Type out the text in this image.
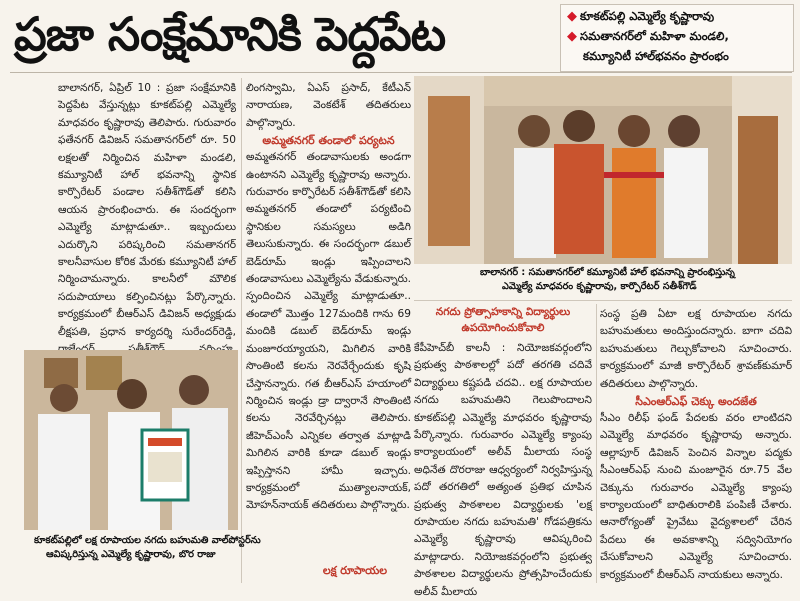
ప్రజా సంక్షేమానికి పెద్దపేట	◆ కూకట్‌పల్లి ఎమ్మెల్యే కృష్ణారావు
◆ సమతానగర్‌లో మహిళా మండలి,
కమ్యూనిటీ హాల్‌భవనం ప్రారంభం

బాలానగర్, ఏప్రిల్ 10 : ప్రజా సంక్షేమానికి పెద్దపేట వేస్తున్నట్లు కూకట్‌పల్లి ఎమ్మెల్యే మాధవరం కృష్ణారావు తెలిపారు. గురువారం ఫతేనగర్ డివిజన్ సమతానగర్‌లో రూ. 50 లక్షలతో నిర్మించిన మహిళా మండలి, కమ్యూనిటీ హాల్ భవనాన్ని స్థానిక కార్పొరేటర్ పండాల సతీశ్‌గౌడ్‌తో కలిసి ఆయన ప్రారంభించారు. ఈ సందర్భంగా ఎమ్మెల్యే మాట్లాడుతూ.. ఇబ్బందులు ఎదుర్కొని పరిష్కరించి సమతానగర్ కాలనీవాసుల కోరిక మేరకు కమ్యూనిటీ హాల్ నిర్మించామన్నారు. కాలనీలో మౌలిక సదుపాయాలు కల్పించినట్లు పేర్కొన్నారు. కార్యక్రమంలో బీఆర్‌ఎస్ డివిజన్ అధ్యక్షుడు లీక్షపతి, ప్రధాన కార్యదర్శి సురేందర్‌రెడ్డి,

లింగస్వామి, ఏఎస్ ప్రసాద్, కేటీఎన్ నారాయణ, వెంకటేశ్ తదితరులు పాల్గొన్నారు.

అమ్మతనగర్ తండాలో పర్యటన

అమ్మతనగర్ తండావాసులకు అండగా ఉంటానని ఎమ్మెల్యే కృష్ణారావు అన్నారు. గురువారం కార్పొరేటర్ సతీశ్‌గౌడ్‌తో కలిసి అమ్మతనగర్ తండాలో పర్యటించి స్థానికుల సమస్యలు అడిగి తెలుసుకున్నారు. ఈ సందర్భంగా డబుల్ బెడ్‌రూమ్ ఇండ్లు ఇప్పించాలని తండావాసులు ఎమ్మెల్యేను వేడుకున్నారు. స్పందించిన ఎమ్మెల్యే మాట్లాడుతూ.. తండాలో మొత్తం 127మందికి గాను 69 మందికి డబుల్ బెడ్‌రూమ్ ఇండ్లు మంజూరయ్యాయని, మిగిలిన వారికి సొంతింటి కలను నెరవేర్చేందుకు కృషి చేస్తానన్నారు. గత బీఆర్‌ఎస్ హయాంలో నిర్మించిన ఇండ్లు డ్రా ద్వారానే సొంతింటి కలను నెరవేర్చినట్లు తెలిపారు. జీహెచ్‌ఎంసీ ఎన్నికల తర్వాత మాట్లాడి మిగిలిన వారికి కూడా డబుల్ ఇండ్లు ఇప్పిస్తానని హామీ ఇచ్చారు. కార్యక్రమంలో ముత్యాలనాయక్, మోహన్‌నాయక్ తదితరులు పాల్గొన్నారు.

లక్ష రూపాయల
బాలానగర్ : సమతానగర్‌లో కమ్యూనిటీ హాల్ భవనాన్ని ప్రారంభిస్తున్న
ఎమ్మెల్యే మాధవరం కృష్ణారావు, కార్పొరేటర్ సతీశ్‌గౌడ్
నగదు ప్రోత్సాహకాన్ని విద్యార్థులు ఉపయోగించుకోవాలి

కేపీహెచ్‌బీ కాలనీ : నియోజకవర్గంలోని ప్రభుత్వ పాఠశాలల్లో పదో తరగతి చదివే విద్యార్థులు కష్టపడి చదవి.. లక్ష రూపాయల నగదు బహుమతిని గెలుపొందాలని కూకట్‌పల్లి ఎమ్మెల్యే మాధవరం కృష్ణారావు పేర్కొన్నారు. గురువారం ఎమ్మెల్యే క్యాంపు కార్యాలయంలో అలీవ్ మీలాయ సంస్థ అధినేత దొరరాజు ఆధ్వర్యంలో నిర్వహిస్తున్న పదో తరగతిలో అత్యంత ప్రతిభ చూపిన ప్రభుత్వ పాఠశాలల విద్యార్థులకు 'లక్ష రూపాయల నగదు బహుమతి' గోడపత్రికను ఎమ్మెల్యే కృష్ణారావు ఆవిష్కరించి మాట్లాడారు. నియోజకవర్గంలోని ప్రభుత్వ పాఠశాలల విద్యార్థులను ప్రోత్సహించేందుకు అలీవ్ మీలాయ

సంస్థ ప్రతి ఏటా లక్ష రూపాయల నగదు బహుమతులు అందిస్తుందన్నారు. బాగా చదివి బహుమతులు గెల్చుకోవాలని సూచించారు. కార్యక్రమంలో మాజీ కార్పొరేటర్ శ్రావణ్‌కుమార్ తదితరులు పాల్గొన్నారు.

సీఎంఆర్ఎఫ్ చెక్కు అందజేత

సీఎం రిలీఫ్ ఫండ్ పేదలకు వరం లాంటిదని ఎమ్మెల్యే మాధవరం కృష్ణారావు అన్నారు. ఆల్లాపూర్ డివిజన్ పెంచిన విన్నాల పద్మకు సీఎంఆర్ఎఫ్ నుంచి మంజూరైన రూ.75 వేల చెక్కును గురువారం ఎమ్మెల్యే క్యాంపు కార్యాలయంలో బాధితురాలికి పంపిణీ చేశారు. ఆనారోగ్యంతో ప్రైవేటు వైద్యశాలలో చేరిన పేదలు ఈ అవకాశాన్ని సద్వినియోగం చేసుకోవాలని ఎమ్మెల్యే సూచించారు. కార్యక్రమంలో బీఆర్‌ఎస్ నాయకులు అన్నారు.

కూకట్‌పల్లిలో లక్ష రూపాయల నగదు బహుమతి వాల్‌పోస్టర్‌ను
ఆవిష్కరిస్తున్న ఎమ్మెల్యే కృష్ణారావు, బొర రాజు
